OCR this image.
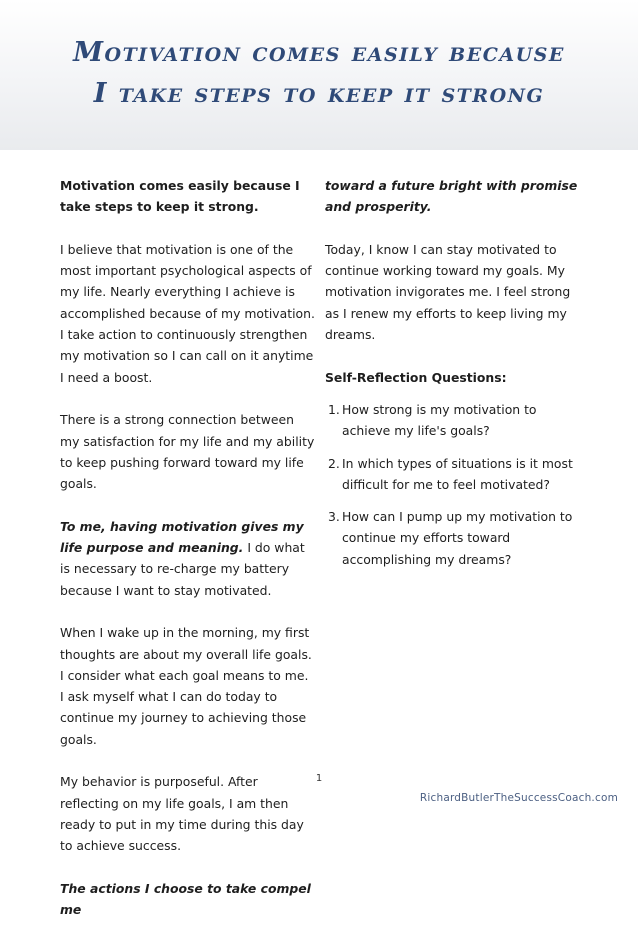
Motivation comes easily because
I take steps to keep it strong

Motivation comes easily because I take steps to keep it strong.

I believe that motivation is one of the most important psychological aspects of my life. Nearly everything I achieve is accomplished because of my motivation. I take action to continuously strengthen my motivation so I can call on it anytime I need a boost.

There is a strong connection between my satisfaction for my life and my ability to keep pushing forward toward my life goals.

To me, having motivation gives my life purpose and meaning. I do what is necessary to re-charge my battery because I want to stay motivated.

When I wake up in the morning, my first thoughts are about my overall life goals. I consider what each goal means to me. I ask myself what I can do today to continue my journey to achieving those goals.

My behavior is purposeful. After reflecting on my life goals, I am then ready to put in my time during this day to achieve success.

The actions I choose to take compel me

toward a future bright with promise and prosperity.

Today, I know I can stay motivated to continue working toward my goals. My motivation invigorates me. I feel strong as I renew my efforts to keep living my dreams.

Self-Reflection Questions:

1. How strong is my motivation to achieve my life's goals?
2. In which types of situations is it most difficult for me to feel motivated?
3. How can I pump up my motivation to continue my efforts toward accomplishing my dreams?
1
RichardButlerTheSuccessCoach.com
